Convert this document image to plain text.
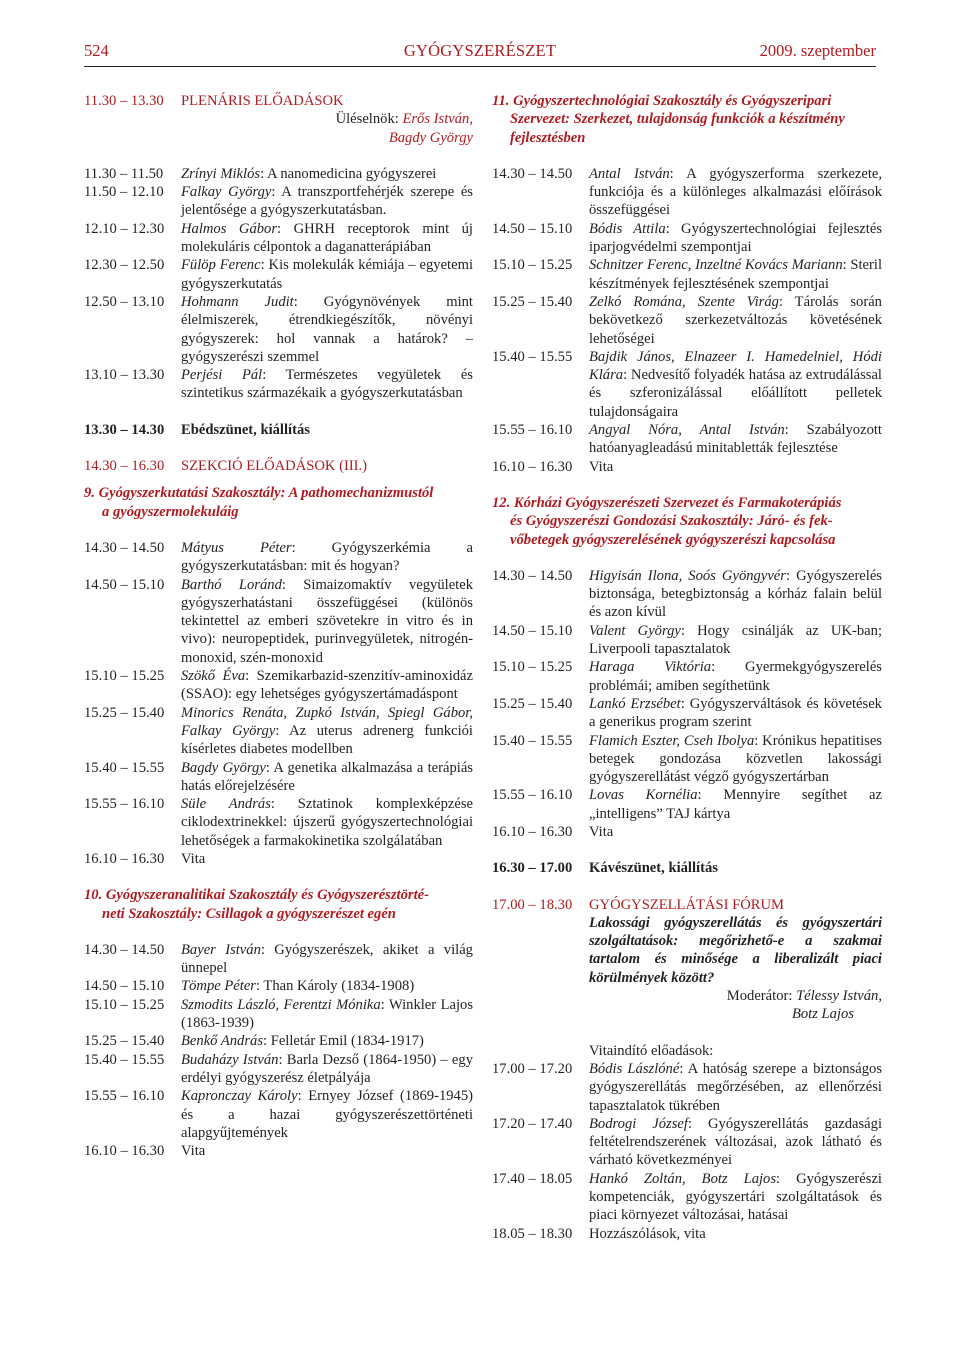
524	GYÓGYSZERÉSZET	2009. szeptember
11.30 – 13.30	PLENÁRIS ELŐADÁSOK
Üléselnök: Erős István,
Bagdy György
11.30 – 11.50	Zrínyi Miklós: A nanomedicina gyógyszerei
11.50 – 12.10	Falkay György: A transzportfehérjék szerepe és jelentősége a gyógyszerkutatásban.
12.10 – 12.30	Halmos Gábor: GHRH receptorok mint új molekuláris célpontok a daganatterápiában
12.30 – 12.50	Fülöp Ferenc: Kis molekulák kémiája – egyetemi gyógyszerkutatás
12.50 – 13.10	Hohmann Judit: Gyógynövények mint élelmiszerek, étrendkiegészítők, növényi gyógyszerek: hol vannak a határok? – gyógyszerészi szemmel
13.10 – 13.30	Perjési Pál: Természetes vegyületek és szintetikus származékaik a gyógyszerkutatásban
13.30 – 14.30	Ebédszünet, kiállítás
14.30 – 16.30	SZEKCIÓ ELŐADÁSOK (III.)
9. Gyógyszerkutatási Szakosztály: A pathomechanizmustól
a gyógyszermolekuláig
14.30 – 14.50	Mátyus Péter: Gyógyszerkémia a gyógyszerkutatásban: mit és hogyan?
14.50 – 15.10	Barthó Loránd: Simaizomaktív vegyületek gyógyszerhatástani összefüggései (különös tekintettel az emberi szövetekre in vitro és in vivo): neuropeptidek, purinvegyületek, nitrogén-monoxid, szén-monoxid
15.10 – 15.25	Szökő Éva: Szemikarbazid-szenzitív-aminoxidáz (SSAO): egy lehetséges gyógyszertámadáspont
15.25 – 15.40	Minorics Renáta, Zupkó István, Spiegl Gábor, Falkay György: Az uterus adrenerg funkciói kísérletes diabetes modellben
15.40 – 15.55	Bagdy György: A genetika alkalmazása a terápiás hatás előrejelzésére
15.55 – 16.10	Süle András: Sztatinok komplexképzése ciklodextrinekkel: újszerű gyógyszertechnológiai lehetőségek a farmakokinetika szolgálatában
16.10 – 16.30	Vita
10. Gyógyszeranalitikai Szakosztály és Gyógyszerésztörté-
neti Szakosztály: Csillagok a gyógyszerészet egén
14.30 – 14.50	Bayer István: Gyógyszerészek, akiket a világ ünnepel
14.50 – 15.10	Tömpe Péter: Than Károly (1834-1908)
15.10 – 15.25	Szmodits László, Ferentzi Mónika: Winkler Lajos (1863-1939)
15.25 – 15.40	Benkő András: Felletár Emil (1834-1917)
15.40 – 15.55	Budaházy István: Barla Dezső (1864-1950) – egy erdélyi gyógyszerész életpályája
15.55 – 16.10	Kapronczay Károly: Ernyey József (1869-1945) és a hazai gyógyszerészettörténeti alapgyűjtemények
16.10 – 16.30	Vita
11. Gyógyszertechnológiai Szakosztály és Gyógyszeripari
Szervezet: Szerkezet, tulajdonság funkciók a készítmény
fejlesztésben
14.30 – 14.50	Antal István: A gyógyszerforma szerkezete, funkciója és a különleges alkalmazási előírások összefüggései
14.50 – 15.10	Bódis Attila: Gyógyszertechnológiai fejlesztés iparjogvédelmi szempontjai
15.10 – 15.25	Schnitzer Ferenc, Inzeltné Kovács Mariann: Steril készítmények fejlesztésének szempontjai
15.25 – 15.40	Zelkó Romána, Szente Virág: Tárolás során bekövetkező szerkezetváltozás követésének lehetőségei
15.40 – 15.55	Bajdik János, Elnazeer I. Hamedelniel, Hódi Klára: Nedvesítő folyadék hatása az extrudálással és szferonizálással előállított pelletek tulajdonságaira
15.55 – 16.10	Angyal Nóra, Antal István: Szabályozott hatóanyagleadású minitabletták fejlesztése
16.10 – 16.30	Vita
12. Kórházi Gyógyszerészeti Szervezet és Farmakoterápiás
és Gyógyszerészi Gondozási Szakosztály: Járó- és fek-
vőbetegek gyógyszerelésének gyógyszerészi kapcsolása
14.30 – 14.50	Higyisán Ilona, Soós Gyöngyvér: Gyógyszerelés biztonsága, betegbiztonság a kórház falain belül és azon kívül
14.50 – 15.10	Valent György: Hogy csinálják az UK-ban; Liverpooli tapasztalatok
15.10 – 15.25	Haraga Viktória: Gyermekgyógyszerelés problémái; amiben segíthetünk
15.25 – 15.40	Lankó Erzsébet: Gyógyszerváltások és követések a generikus program szerint
15.40 – 15.55	Flamich Eszter, Cseh Ibolya: Krónikus hepatitises betegek gondozása közvetlen lakossági gyógyszerellátást végző gyógyszertárban
15.55 – 16.10	Lovas Kornélia: Mennyire segíthet az „intelligens” TAJ kártya
16.10 – 16.30	Vita
16.30 – 17.00	Kávészünet, kiállítás
17.00 – 18.30	GYÓGYSZELLÁTÁSI FÓRUM
Lakossági gyógyszerellátás és gyógyszertári szolgáltatások: megőrizhető-e a szakmai tartalom és minősége a liberalizált piaci körülmények között?
Moderátor: Télessy István,
Botz Lajos
Vitaindító előadások:
17.00 – 17.20	Bódis Lászlóné: A hatóság szerepe a biztonságos gyógyszerellátás megőrzésében, az ellenőrzési tapasztalatok tükrében
17.20 – 17.40	Bodrogi József: Gyógyszerellátás gazdasági feltételrendszerének változásai, azok látható és várható következményei
17.40 – 18.05	Hankó Zoltán, Botz Lajos: Gyógyszerészi kompetenciák, gyógyszertári szolgáltatások és piaci környezet változásai, hatásai
18.05 – 18.30	Hozzászólások, vita
